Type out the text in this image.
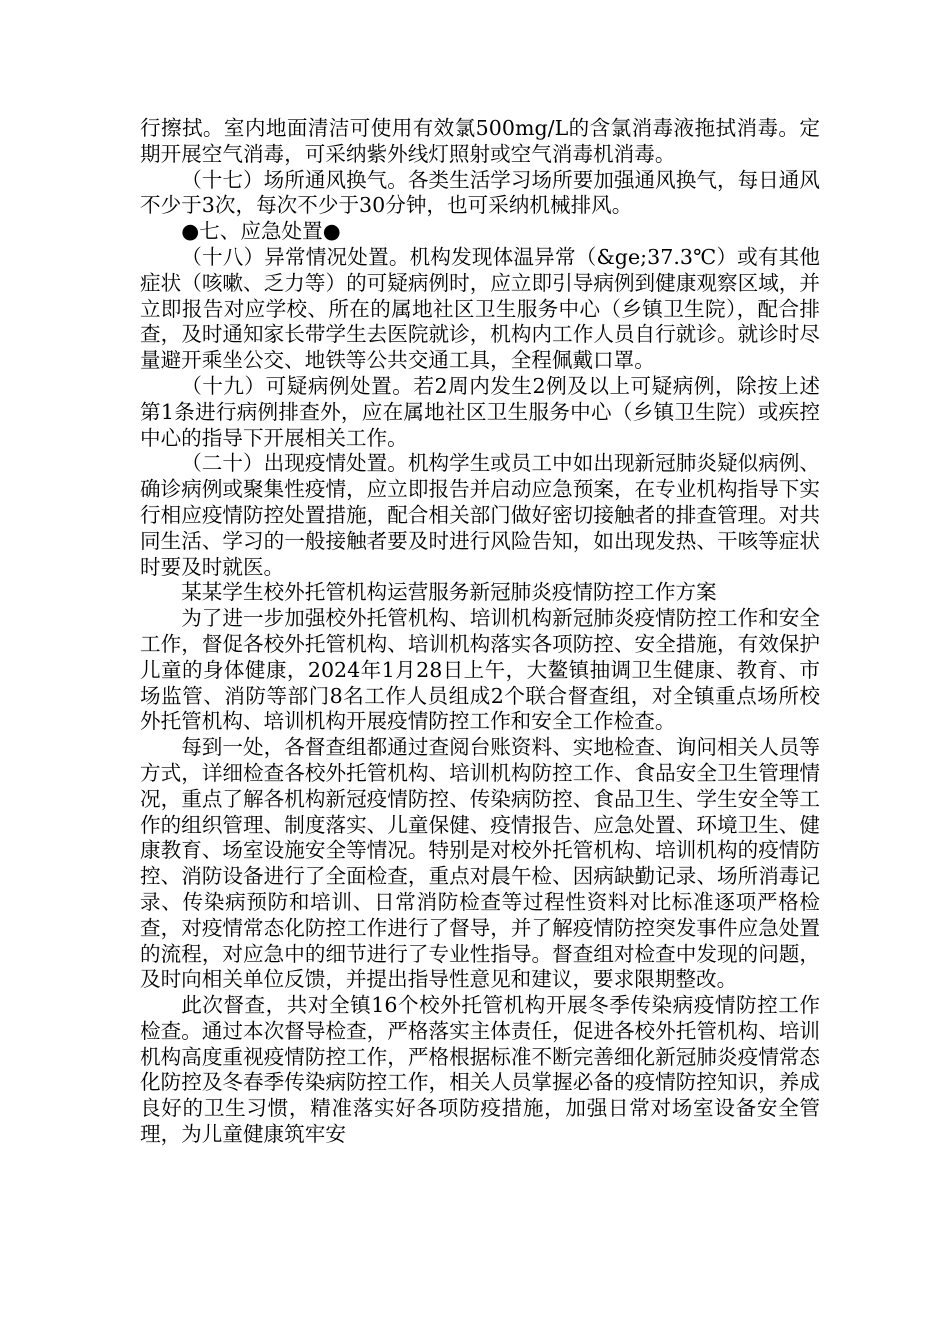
行擦拭。室内地面清洁可使用有效氯500mg/L的含氯消毒液拖拭消毒。定期开展空气消毒，可采纳紫外线灯照射或空气消毒机消毒。

（十七）场所通风换气。各类生活学习场所要加强通风换气，每日通风不少于3次，每次不少于30分钟，也可采纳机械排风。

●七、应急处置●

（十八）异常情况处置。机构发现体温异常（&ge;37.3℃）或有其他症状（咳嗽、乏力等）的可疑病例时，应立即引导病例到健康观察区域，并立即报告对应学校、所在的属地社区卫生服务中心（乡镇卫生院），配合排查，及时通知家长带学生去医院就诊，机构内工作人员自行就诊。就诊时尽量避开乘坐公交、地铁等公共交通工具，全程佩戴口罩。

（十九）可疑病例处置。若2周内发生2例及以上可疑病例，除按上述第1条进行病例排查外，应在属地社区卫生服务中心（乡镇卫生院）或疾控中心的指导下开展相关工作。

（二十）出现疫情处置。机构学生或员工中如出现新冠肺炎疑似病例、确诊病例或聚集性疫情，应立即报告并启动应急预案，在专业机构指导下实行相应疫情防控处置措施，配合相关部门做好密切接触者的排查管理。对共同生活、学习的一般接触者要及时进行风险告知，如出现发热、干咳等症状时要及时就医。

某某学生校外托管机构运营服务新冠肺炎疫情防控工作方案

为了进一步加强校外托管机构、培训机构新冠肺炎疫情防控工作和安全工作，督促各校外托管机构、培训机构落实各项防控、安全措施，有效保护儿童的身体健康，2024年1月28日上午，大鳌镇抽调卫生健康、教育、市场监管、消防等部门8名工作人员组成2个联合督查组，对全镇重点场所校外托管机构、培训机构开展疫情防控工作和安全工作检查。

每到一处，各督查组都通过查阅台账资料、实地检查、询问相关人员等方式，详细检查各校外托管机构、培训机构防控工作、食品安全卫生管理情况，重点了解各机构新冠疫情防控、传染病防控、食品卫生、学生安全等工作的组织管理、制度落实、儿童保健、疫情报告、应急处置、环境卫生、健康教育、场室设施安全等情况。特别是对校外托管机构、培训机构的疫情防控、消防设备进行了全面检查，重点对晨午检、因病缺勤记录、场所消毒记录、传染病预防和培训、日常消防检查等过程性资料对比标准逐项严格检查，对疫情常态化防控工作进行了督导，并了解疫情防控突发事件应急处置的流程，对应急中的细节进行了专业性指导。督查组对检查中发现的问题，及时向相关单位反馈，并提出指导性意见和建议，要求限期整改。

此次督查，共对全镇16个校外托管机构开展冬季传染病疫情防控工作检查。通过本次督导检查，严格落实主体责任，促进各校外托管机构、培训机构高度重视疫情防控工作，严格根据标准不断完善细化新冠肺炎疫情常态化防控及冬春季传染病防控工作，相关人员掌握必备的疫情防控知识，养成良好的卫生习惯，精准落实好各项防疫措施，加强日常对场室设备安全管理，为儿童健康筑牢安
